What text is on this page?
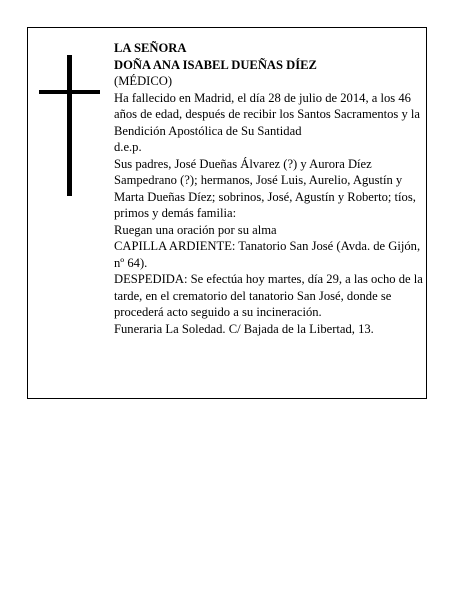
LA SEÑORA

DOÑA ANA ISABEL DUEÑAS DÍEZ

(MÉDICO)

Ha fallecido en Madrid, el día 28 de julio de 2014, a los 46 años de edad, después de recibir los Santos Sacramentos y la Bendición Apostólica de Su Santidad

d.e.p.

Sus padres, José Dueñas Álvarez (?) y Aurora Díez Sampedrano (?); hermanos, José Luis, Aurelio, Agustín y Marta Dueñas Díez; sobrinos, José, Agustín y Roberto; tíos, primos y demás familia:

Ruegan una oración por su alma

CAPILLA ARDIENTE: Tanatorio San José (Avda. de Gijón, nº 64).

DESPEDIDA: Se efectúa hoy martes, día 29, a las ocho de la tarde, en el crematorio del tanatorio San José, donde se procederá acto seguido a su incineración.

Funeraria La Soledad. C/ Bajada de la Libertad, 13.
